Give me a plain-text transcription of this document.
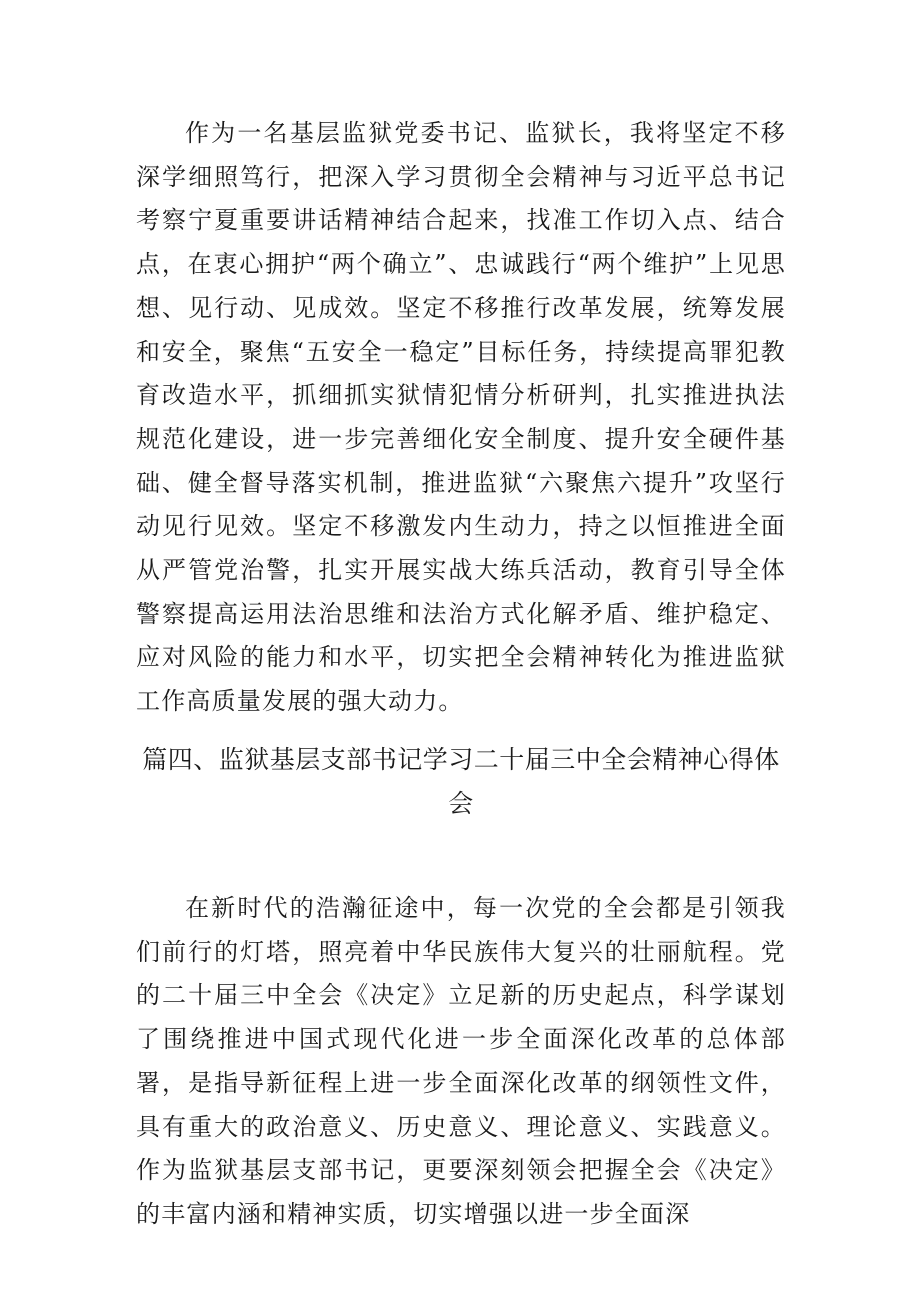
作为一名基层监狱党委书记、监狱长，我将坚定不移深学细照笃行，把深入学习贯彻全会精神与习近平总书记考察宁夏重要讲话精神结合起来，找准工作切入点、结合点，在衷心拥护“两个确立”、忠诚践行“两个维护”上见思想、见行动、见成效。坚定不移推行改革发展，统筹发展和安全，聚焦“五安全一稳定”目标任务，持续提高罪犯教育改造水平，抓细抓实狱情犯情分析研判，扎实推进执法规范化建设，进一步完善细化安全制度、提升安全硬件基础、健全督导落实机制，推进监狱“六聚焦六提升”攻坚行动见行见效。坚定不移激发内生动力，持之以恒推进全面从严管党治警，扎实开展实战大练兵活动，教育引导全体警察提高运用法治思维和法治方式化解矛盾、维护稳定、应对风险的能力和水平，切实把全会精神转化为推进监狱工作高质量发展的强大动力。

篇四、监狱基层支部书记学习二十届三中全会精神心得体会

在新时代的浩瀚征途中，每一次党的全会都是引领我们前行的灯塔，照亮着中华民族伟大复兴的壮丽航程。党的二十届三中全会《决定》立足新的历史起点，科学谋划了围绕推进中国式现代化进一步全面深化改革的总体部署，是指导新征程上进一步全面深化改革的纲领性文件，具有重大的政治意义、历史意义、理论意义、实践意义。作为监狱基层支部书记，更要深刻领会把握全会《决定》的丰富内涵和精神实质，切实增强以进一步全面深
